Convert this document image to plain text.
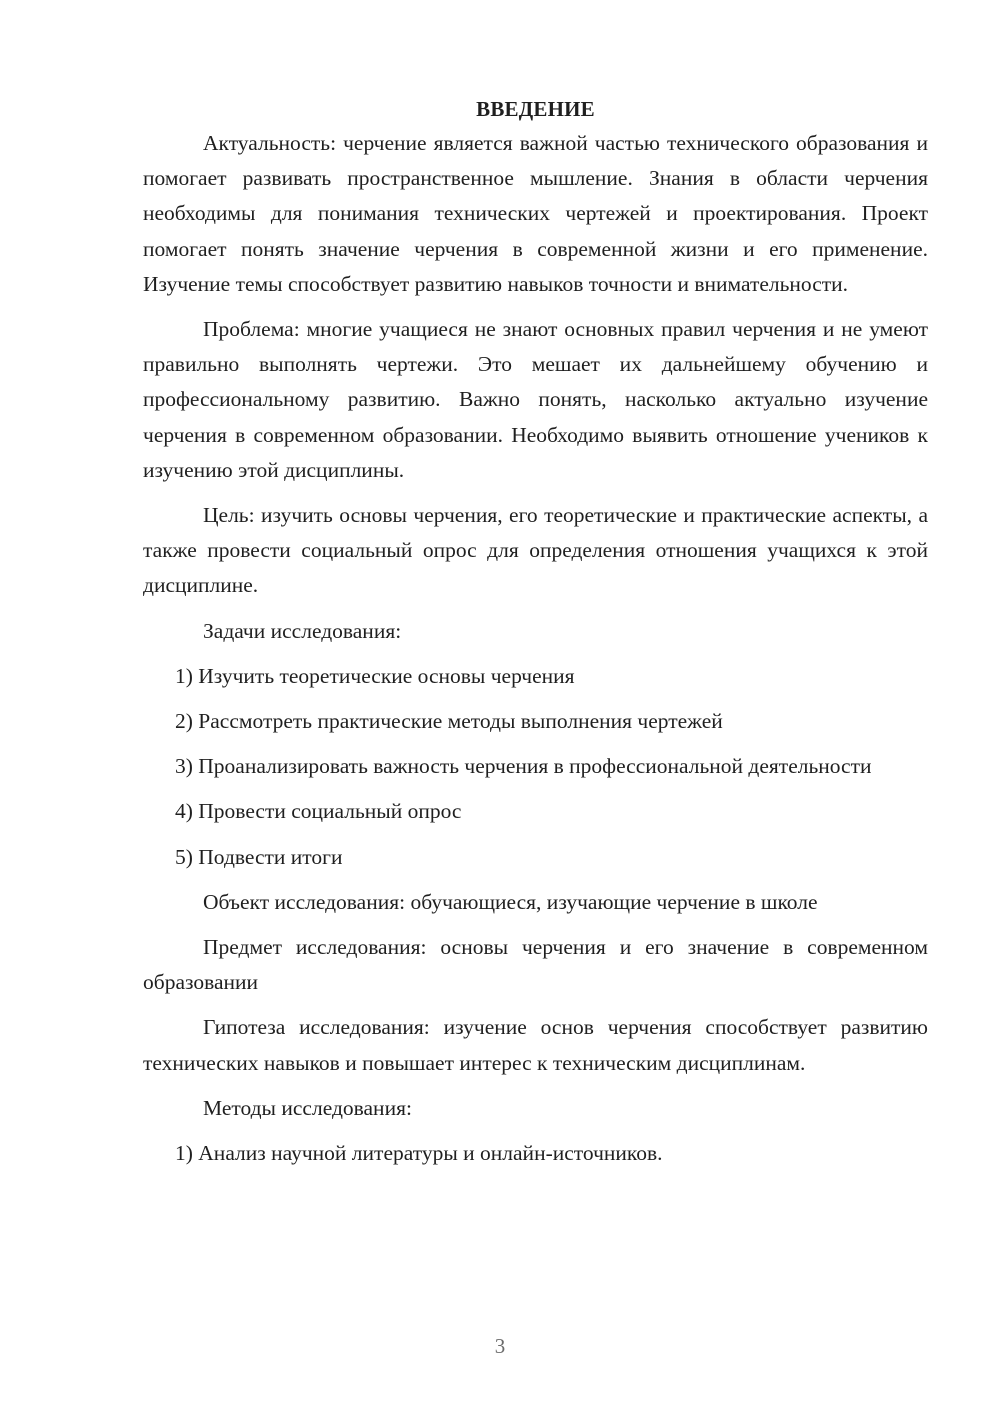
ВВЕДЕНИЕ

Актуальность: черчение является важной частью технического образования и помогает развивать пространственное мышление. Знания в области черчения необходимы для понимания технических чертежей и проектирования. Проект помогает понять значение черчения в современной жизни и его применение. Изучение темы способствует развитию навыков точности и внимательности.

Проблема: многие учащиеся не знают основных правил черчения и не умеют правильно выполнять чертежи. Это мешает их дальнейшему обучению и профессиональному развитию. Важно понять, насколько актуально изучение черчения в современном образовании. Необходимо выявить отношение учеников к изучению этой дисциплины.

Цель: изучить основы черчения, его теоретические и практические аспекты, а также провести социальный опрос для определения отношения учащихся к этой дисциплине.

Задачи исследования:

1) Изучить теоретические основы черчения

2) Рассмотреть практические методы выполнения чертежей

3) Проанализировать важность черчения в профессиональной деятельности

4) Провести социальный опрос

5) Подвести итоги

Объект исследования: обучающиеся, изучающие черчение в школе

Предмет исследования: основы черчения и его значение в современном образовании

Гипотеза исследования: изучение основ черчения способствует развитию технических навыков и повышает интерес к техническим дисциплинам.

Методы исследования:

1) Анализ научной литературы и онлайн-источников.

3
